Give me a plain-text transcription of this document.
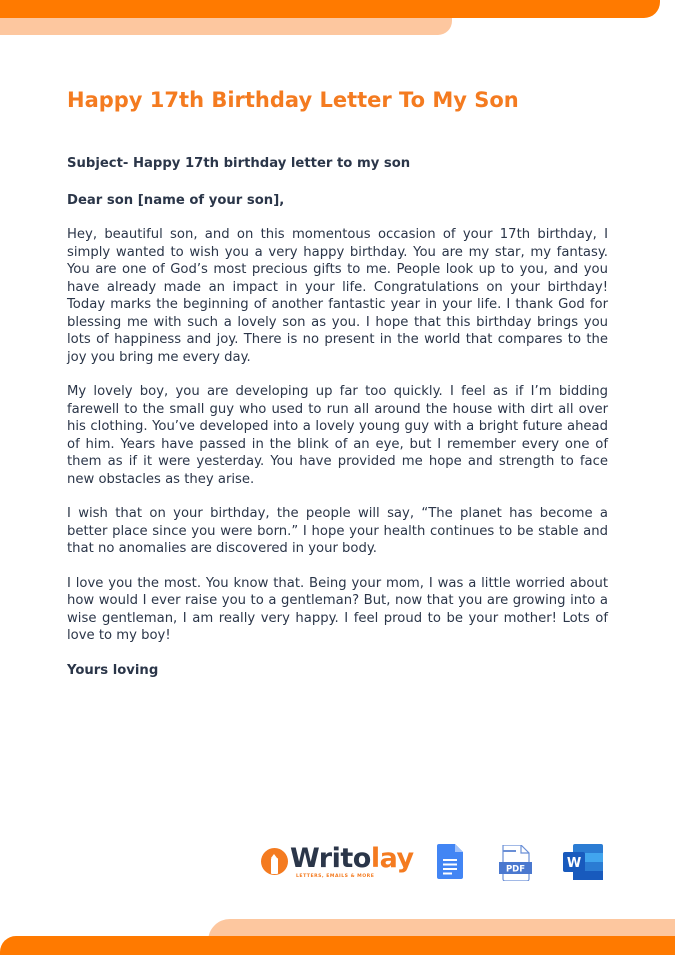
Happy 17th Birthday Letter To My Son

Subject- Happy 17th birthday letter to my son

Dear son [name of your son],

Hey, beautiful son, and on this momentous occasion of your 17th birthday, I simply wanted to wish you a very happy birthday. You are my star, my fantasy. You are one of God’s most precious gifts to me. People look up to you, and you have already made an impact in your life. Congratulations on your birthday! Today marks the beginning of another fantastic year in your life. I thank God for blessing me with such a lovely son as you. I hope that this birthday brings you lots of happiness and joy. There is no present in the world that compares to the joy you bring me every day.

My lovely boy, you are developing up far too quickly. I feel as if I’m bidding farewell to the small guy who used to run all around the house with dirt all over his clothing. You’ve developed into a lovely young guy with a bright future ahead of him. Years have passed in the blink of an eye, but I remember every one of them as if it were yesterday. You have provided me hope and strength to face new obstacles as they arise.

I wish that on your birthday, the people will say, “The planet has become a better place since you were born.” I hope your health continues to be stable and that no anomalies are discovered in your body.

I love you the most. You know that. Being your mom, I was a little worried about how would I ever raise you to a gentleman? But, now that you are growing into a wise gentleman, I am really very happy. I feel proud to be your mother! Lots of love to my boy!

Yours loving

Writolay
LETTERS, EMAILS & MORE
PDF	W
